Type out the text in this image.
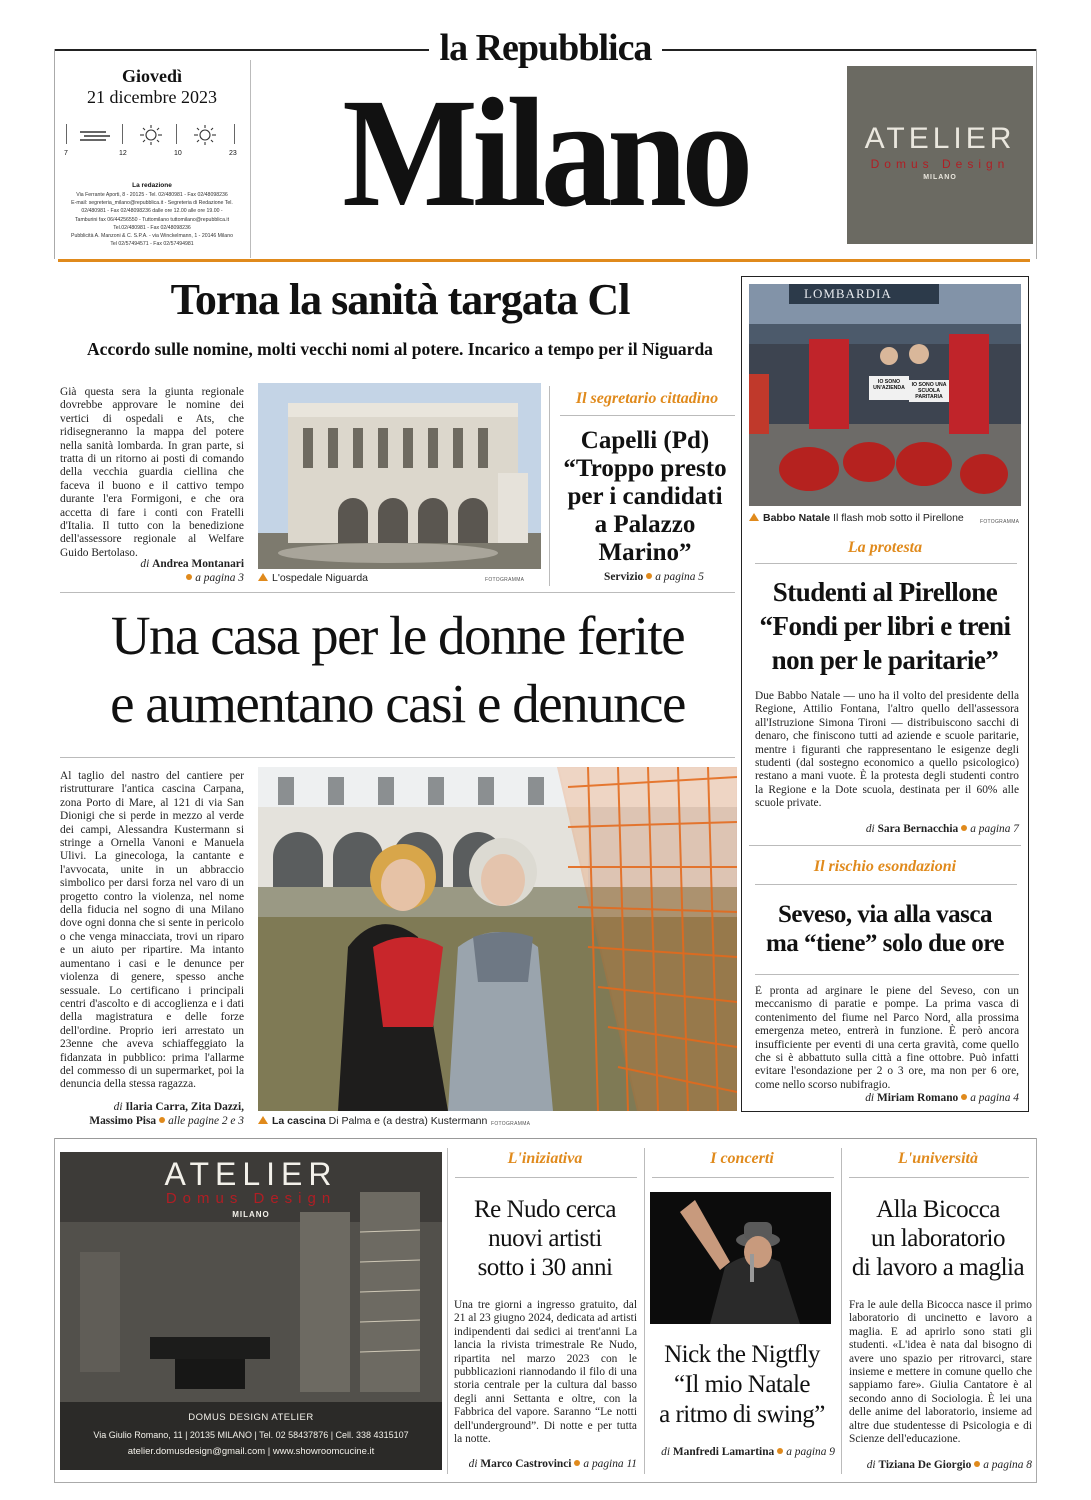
la Repubblica
Giovedì
21 dicembre 2023
7	12	10	23
La redazione
Via Ferrante Aporti, 8 - 20125 - Tel. 02/480981 - Fax 02/48098236
E-mail: segreteria_milano@repubblica.it - Segreteria di Redazione Tel.
02/480981 - Fax 02/48098236 dalle ore 12.00 alle ore 19.00 -
Tamburini fax 06/44256550 - Tuttomilano tuttomilano@repubblica.it
Tel.02/480981 - Fax 02/48098236
Pubblicità A. Manzoni & C. S.P.A. - via Winckelmann, 1 - 20146 Milano
Tel 02/57494571 - Fax 02/57494981
Milano	ATELIER
Domus Design
MILANO
Torna la sanità targata Cl
Accordo sulle nomine, molti vecchi nomi al potere. Incarico a tempo per il Niguarda
Già questa sera la giunta regionale dovrebbe approvare le nomine dei vertici di ospedali e Ats, che ridisegneranno la mappa del potere nella sanità lombarda. In gran parte, si tratta di un ritorno ai posti di comando della vecchia guardia ciellina che faceva il buono e il cattivo tempo durante l'era Formigoni, e che ora accetta di fare i conti con Fratelli d'Italia. Il tutto con la benedizione dell'assessore regionale al Welfare Guido Bertolaso.
di Andrea Montanari
a pagina 3	L'ospedale Niguarda	FOTOGRAMMA
Il segretario cittadino
Capelli (Pd)
“Troppo presto
per i candidati
a Palazzo Marino”
Servizio a pagina 5
LOMBARDIA
IO SONO UN'AZIENDA	IO SONO UNA SCUOLA PARITARIA
Babbo Natale Il flash mob sotto il Pirellone	FOTOGRAMMA
La protesta
Studenti al Pirellone
“Fondi per libri e treni
non per le paritarie”
Due Babbo Natale — uno ha il volto del presidente della Regione, Attilio Fontana, l'altro quello dell'assessora all'Istruzione Simona Tironi — distribuiscono sacchi di denaro, che finiscono tutti ad aziende e scuole paritarie, mentre i figuranti che rappresentano le esigenze degli studenti (dal sostegno economico a quello psicologico) restano a mani vuote. È la protesta degli studenti contro la Regione e la Dote scuola, destinata per il 60% alle scuole private.
di Sara Bernacchia a pagina 7
Il rischio esondazioni
Seveso, via alla vasca
ma “tiene” solo due ore
È pronta ad arginare le piene del Seveso, con un meccanismo di paratie e pompe. La prima vasca di contenimento del fiume nel Parco Nord, alla prossima emergenza meteo, entrerà in funzione. È però ancora insufficiente per eventi di una certa gravità, come quello che si è abbattuto sulla città a fine ottobre. Può infatti evitare l'esondazione per 2 o 3 ore, ma non per 6 ore, come nello scorso nubifragio.
di Miriam Romano a pagina 4
Una casa per le donne ferite
e aumentano casi e denunce
Al taglio del nastro del cantiere per ristrutturare l'antica cascina Carpana, zona Porto di Mare, al 121 di via San Dionigi che si perde in mezzo al verde dei campi, Alessandra Kustermann si stringe a Ornella Vanoni e Manuela Ulivi. La ginecologa, la cantante e l'avvocata, unite in un abbraccio simbolico per darsi forza nel varo di un progetto contro la violenza, nel nome della fiducia nel sogno di una Milano dove ogni donna che si sente in pericolo o che venga minacciata, trovi un riparo e un aiuto per ripartire. Ma intanto aumentano i casi e le denunce per violenza di genere, spesso anche sessuale. Lo certificano i principali centri d'ascolto e di accoglienza e i dati della magistratura e delle forze dell'ordine. Proprio ieri arrestato un 23enne che aveva schiaffeggiato la fidanzata in pubblico: prima l'allarme del commesso di un supermarket, poi la denuncia della stessa ragazza.
di Ilaria Carra, Zita Dazzi,
Massimo Pisa alle pagine 2 e 3	La cascina Di Palma e (a destra) Kustermann FOTOGRAMMA
ATELIER
Domus Design
MILANO
DOMUS DESIGN ATELIER
Via Giulio Romano, 11 | 20135 MILANO | Tel. 02 58437876 | Cell. 338 4315107
atelier.domusdesign@gmail.com | www.showroomcucine.it
L'iniziativa
Re Nudo cerca
nuovi artisti
sotto i 30 anni
Una tre giorni a ingresso gratuito, dal 21 al 23 giugno 2024, dedicata ad artisti indipendenti dai sedici ai trent'anni La lancia la rivista trimestrale Re Nudo, ripartita nel marzo 2023 con le pubblicazioni riannodando il filo di una storia centrale per la cultura dal basso degli anni Settanta e oltre, con la Fabbrica del vapore. Saranno “Le notti dell'underground”. Di notte e per tutta la notte.
di Marco Castrovinci a pagina 11
I concerti
Nick the Nigtfly
“Il mio Natale
a ritmo di swing”
di Manfredi Lamartina a pagina 9
L'università
Alla Bicocca
un laboratorio
di lavoro a maglia
Fra le aule della Bicocca nasce il primo laboratorio di uncinetto e lavoro a maglia. E ad aprirlo sono stati gli studenti. «L'idea è nata dal bisogno di avere uno spazio per ritrovarci, stare insieme e mettere in comune quello che sappiamo fare». Giulia Cantatore è al secondo anno di Sociologia. È lei una delle anime del laboratorio, insieme ad altre due studentesse di Psicologia e di Scienze dell'educazione.
di Tiziana De Giorgio a pagina 8
